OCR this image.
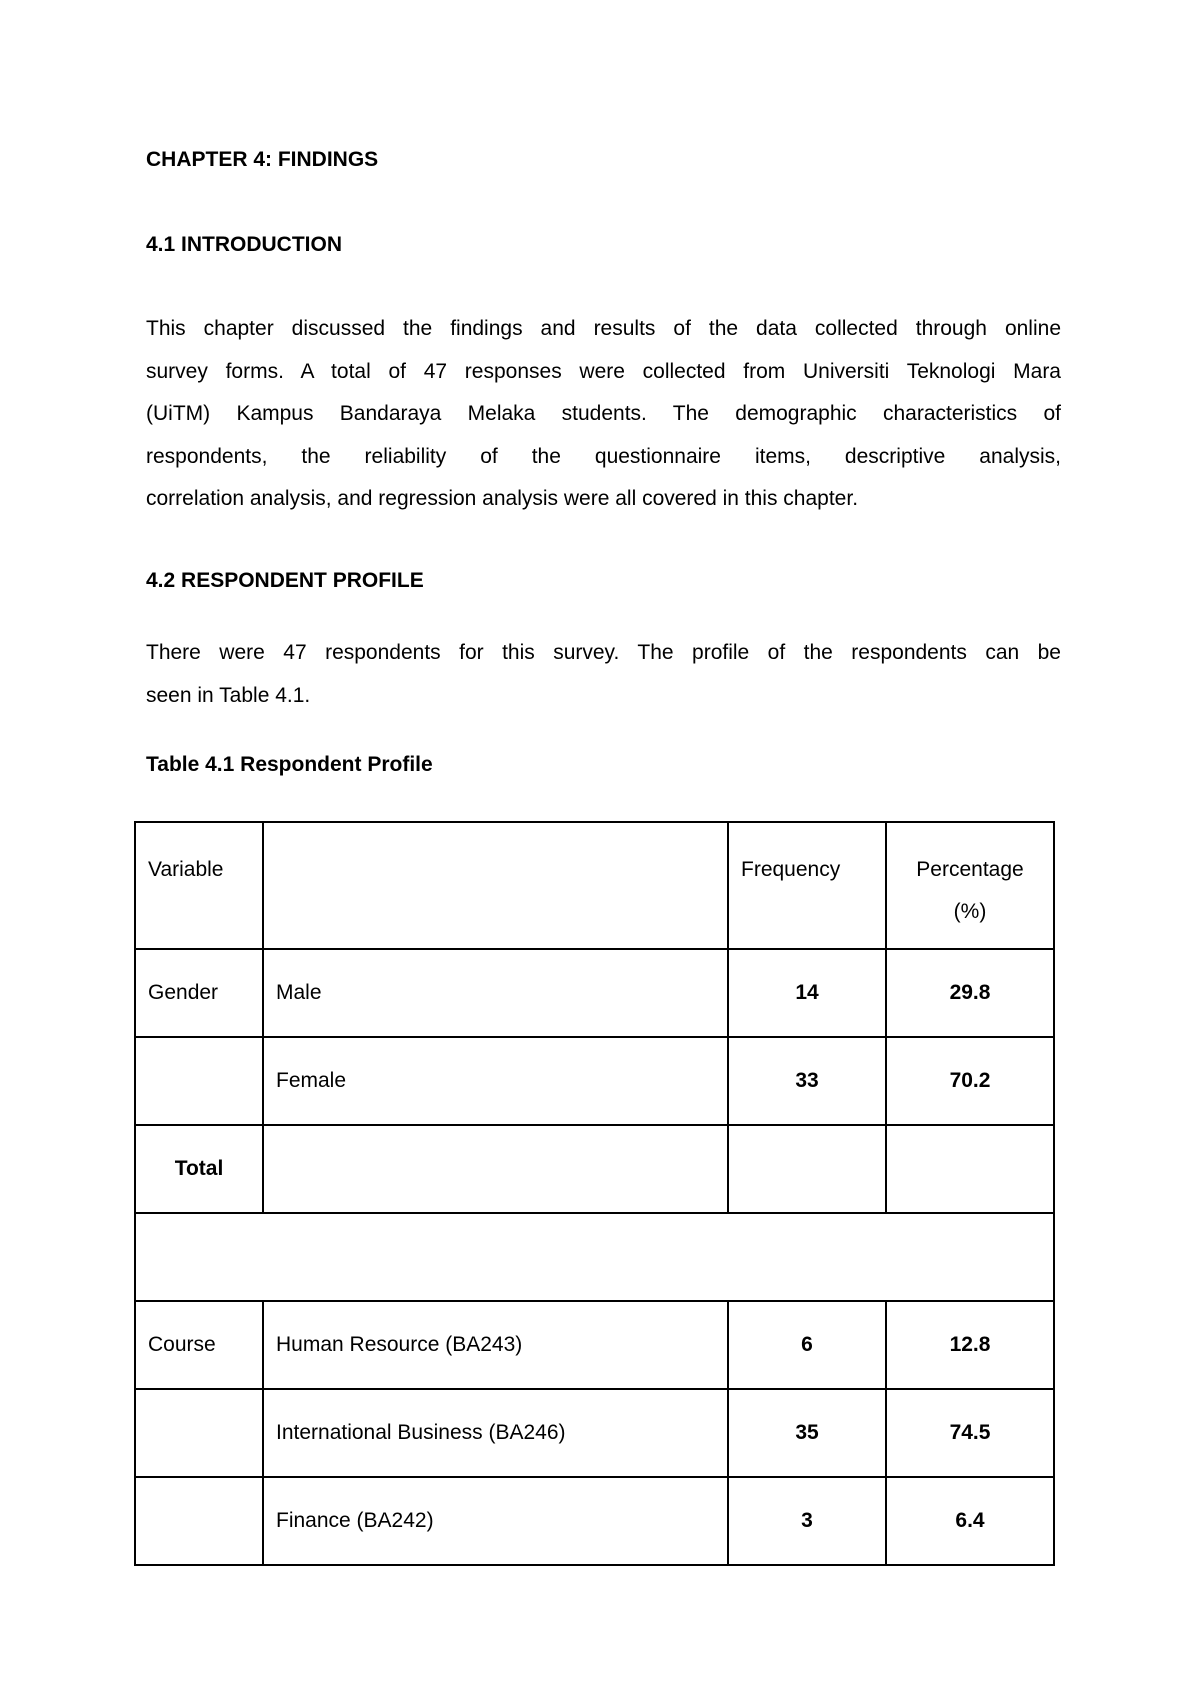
CHAPTER 4: FINDINGS
4.1 INTRODUCTION
This chapter discussed the findings and results of the data collected through online
survey forms. A total of 47 responses were collected from Universiti Teknologi Mara
(UiTM) Kampus Bandaraya Melaka students. The demographic characteristics of
respondents, the reliability of the questionnaire items, descriptive analysis,
correlation analysis, and regression analysis were all covered in this chapter.
4.2 RESPONDENT PROFILE
There were 47 respondents for this survey. The profile of the respondents can be
seen in Table 4.1.

Table 4.1 Respondent Profile

Variable		Frequency	Percentage (%)
Gender	Male	14	29.8
	Female	33	70.2
Total			

Course	Human Resource (BA243)	6	12.8
	International Business (BA246)	35	74.5
	Finance (BA242)	3	6.4
